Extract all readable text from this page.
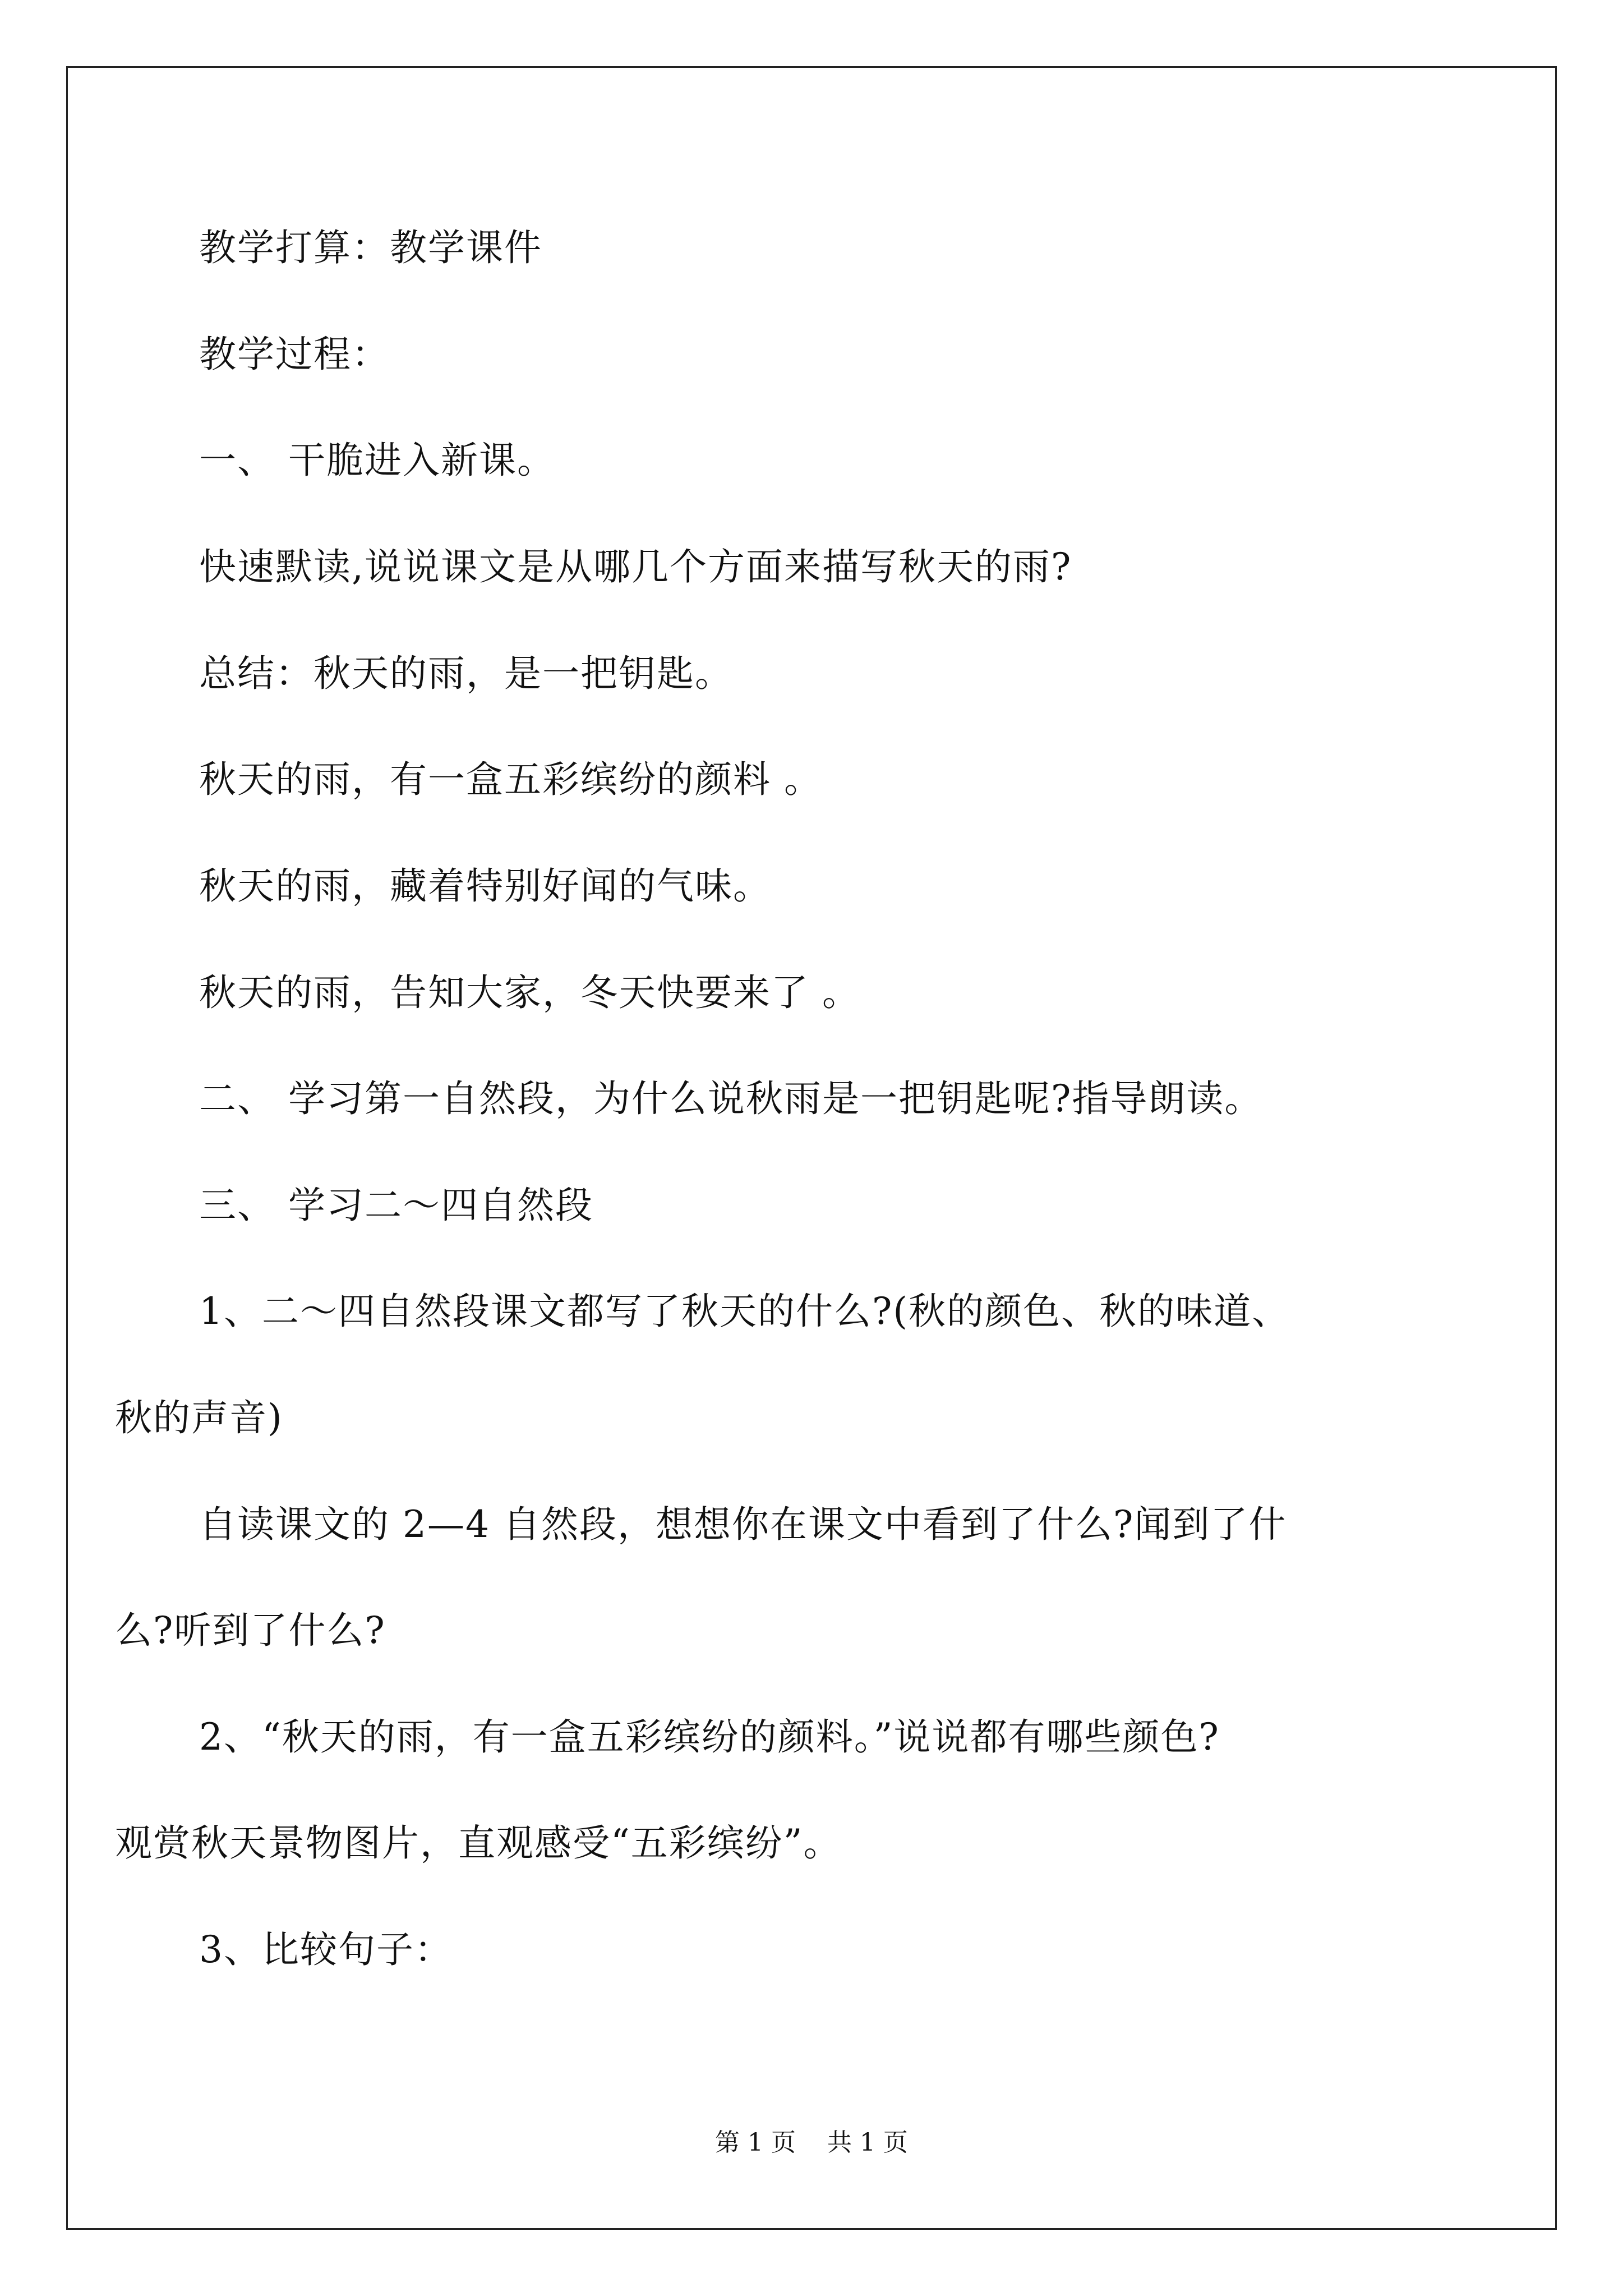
教学打算：教学课件
教学过程：
一、 干脆进入新课。
快速默读,说说课文是从哪几个方面来描写秋天的雨?
总结：秋天的雨，是一把钥匙。
秋天的雨，有一盒五彩缤纷的颜料 。
秋天的雨，藏着特别好闻的气味。
秋天的雨，告知大家，冬天快要来了 。
二、 学习第一自然段，为什么说秋雨是一把钥匙呢?指导朗读。
三、 学习二～四自然段
1、二～四自然段课文都写了秋天的什么?(秋的颜色、秋的味道、
秋的声音)
自读课文的 2—4 自然段，想想你在课文中看到了什么?闻到了什
么?听到了什么?
2、“秋天的雨，有一盒五彩缤纷的颜料。”说说都有哪些颜色?
观赏秋天景物图片，直观感受“五彩缤纷”。
3、比较句子：
第 1 页    共 1 页
